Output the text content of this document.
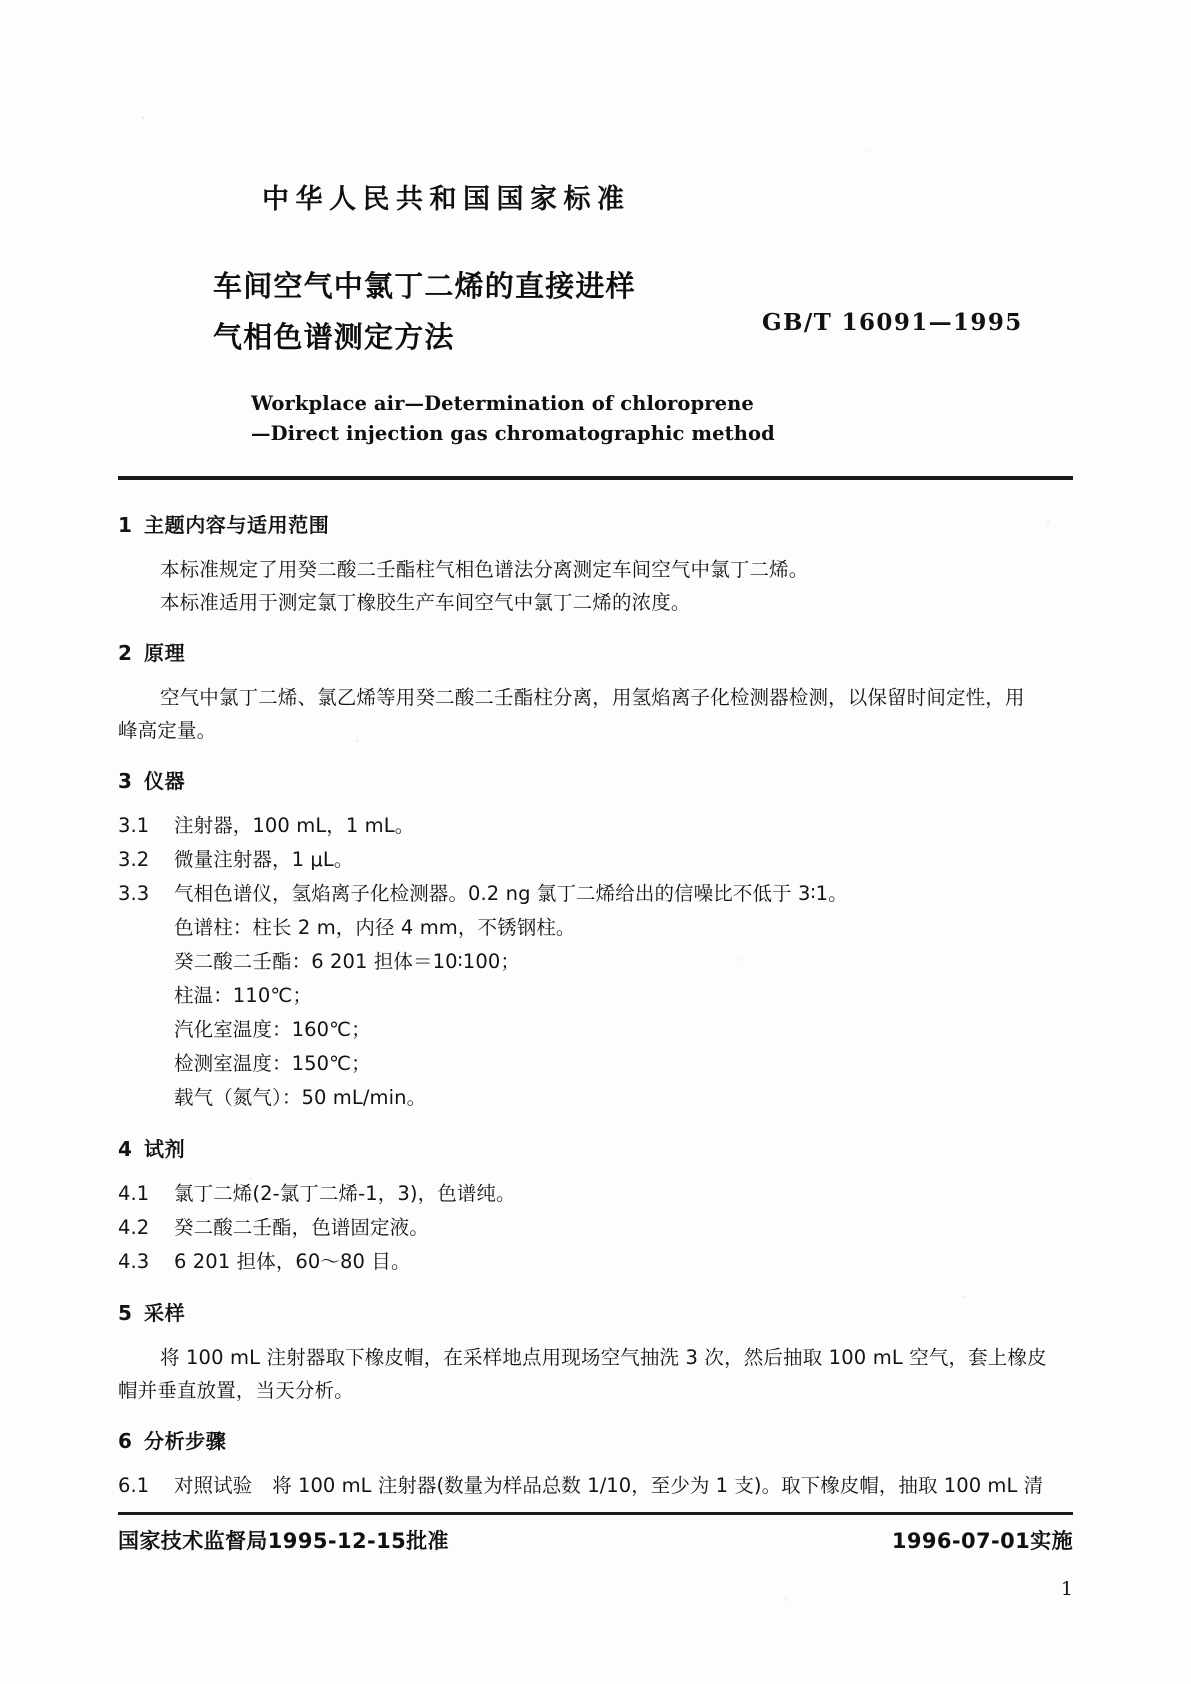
中华人民共和国国家标准
车间空气中氯丁二烯的直接进样
气相色谱测定方法	GB/T 16091—1995
Workplace air—Determination of chloroprene
—Direct injection gas chromatographic method
1 主题内容与适用范围

本标准规定了用癸二酸二壬酯柱气相色谱法分离测定车间空气中氯丁二烯。

本标准适用于测定氯丁橡胶生产车间空气中氯丁二烯的浓度。

2 原理

空气中氯丁二烯、氯乙烯等用癸二酸二壬酯柱分离，用氢焰离子化检测器检测，以保留时间定性，用

峰高定量。

3 仪器
3.1 注射器，100 mL，1 mL。
3.2 微量注射器，1 μL。
3.3 气相色谱仪，氢焰离子化检测器。0.2 ng 氯丁二烯给出的信噪比不低于 3∶1。
色谱柱：柱长 2 m，内径 4 mm，不锈钢柱。
癸二酸二壬酯：6 201 担体＝10∶100；
柱温：110℃；
汽化室温度：160℃；
检测室温度：150℃；
载气（氮气）：50 mL/min。
4 试剂
4.1 氯丁二烯(2-氯丁二烯-1，3)，色谱纯。
4.2 癸二酸二壬酯，色谱固定液。
4.3 6 201 担体，60～80 目。
5 采样

将 100 mL 注射器取下橡皮帽，在采样地点用现场空气抽洗 3 次，然后抽取 100 mL 空气，套上橡皮

帽并垂直放置，当天分析。

6 分析步骤
6.1 对照试验 将 100 mL 注射器(数量为样品总数 1/10，至少为 1 支)。取下橡皮帽，抽取 100 mL 清
国家技术监督局1995-12-15批准	1996-07-01实施
1
